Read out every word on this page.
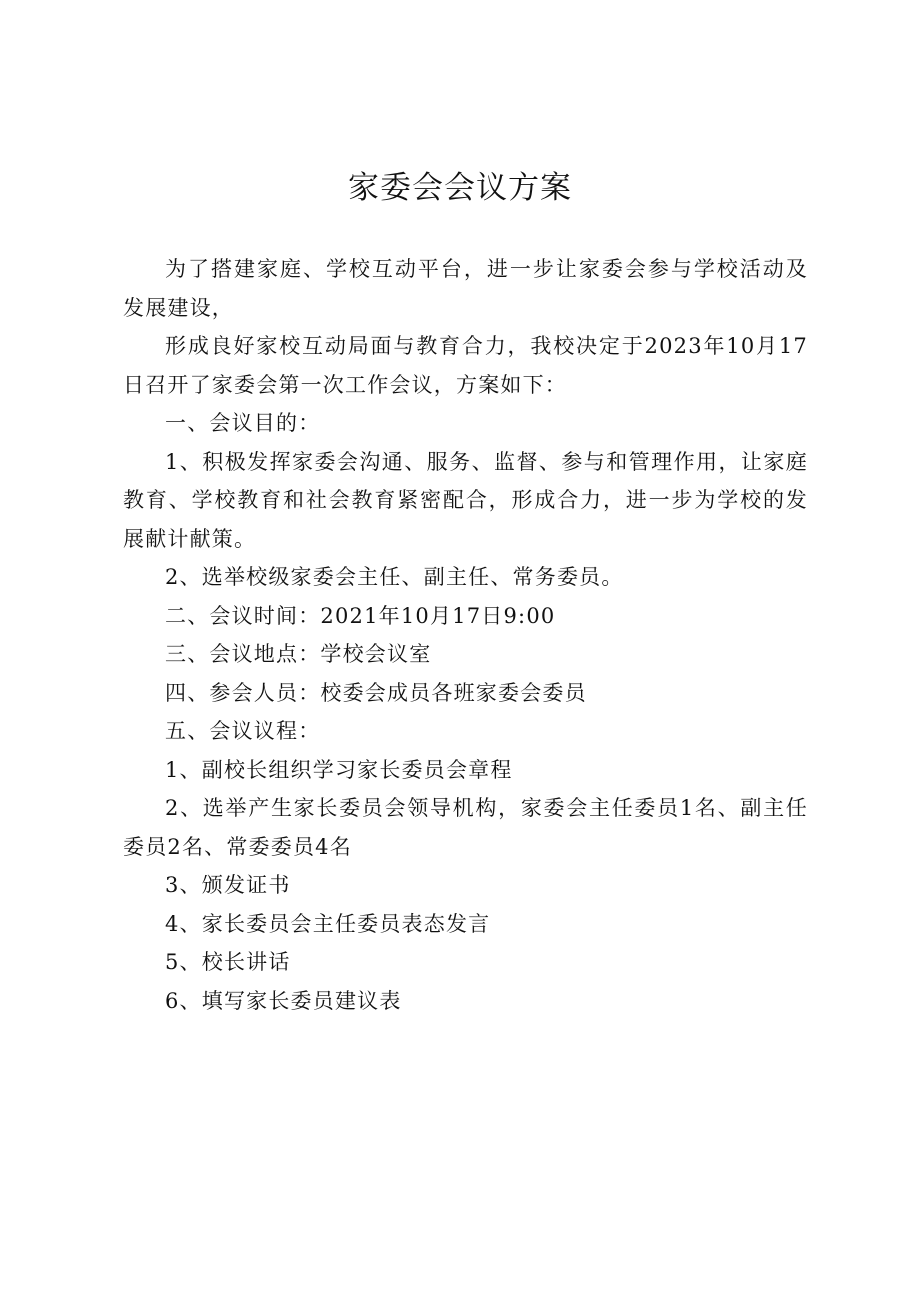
家委会会议方案

为了搭建家庭、学校互动平台，进一步让家委会参与学校活动及发展建设，

形成良好家校互动局面与教育合力，我校决定于2023年10月17日召开了家委会第一次工作会议，方案如下：

一、会议目的：

1、积极发挥家委会沟通、服务、监督、参与和管理作用，让家庭教育、学校教育和社会教育紧密配合，形成合力，进一步为学校的发展献计献策。

2、选举校级家委会主任、副主任、常务委员。

二、会议时间：2021年10月17日9:00

三、会议地点：学校会议室

四、参会人员：校委会成员各班家委会委员

五、会议议程：

1、副校长组织学习家长委员会章程

2、选举产生家长委员会领导机构，家委会主任委员1名、副主任委员2名、常委委员4名

3、颁发证书

4、家长委员会主任委员表态发言

5、校长讲话

6、填写家长委员建议表
